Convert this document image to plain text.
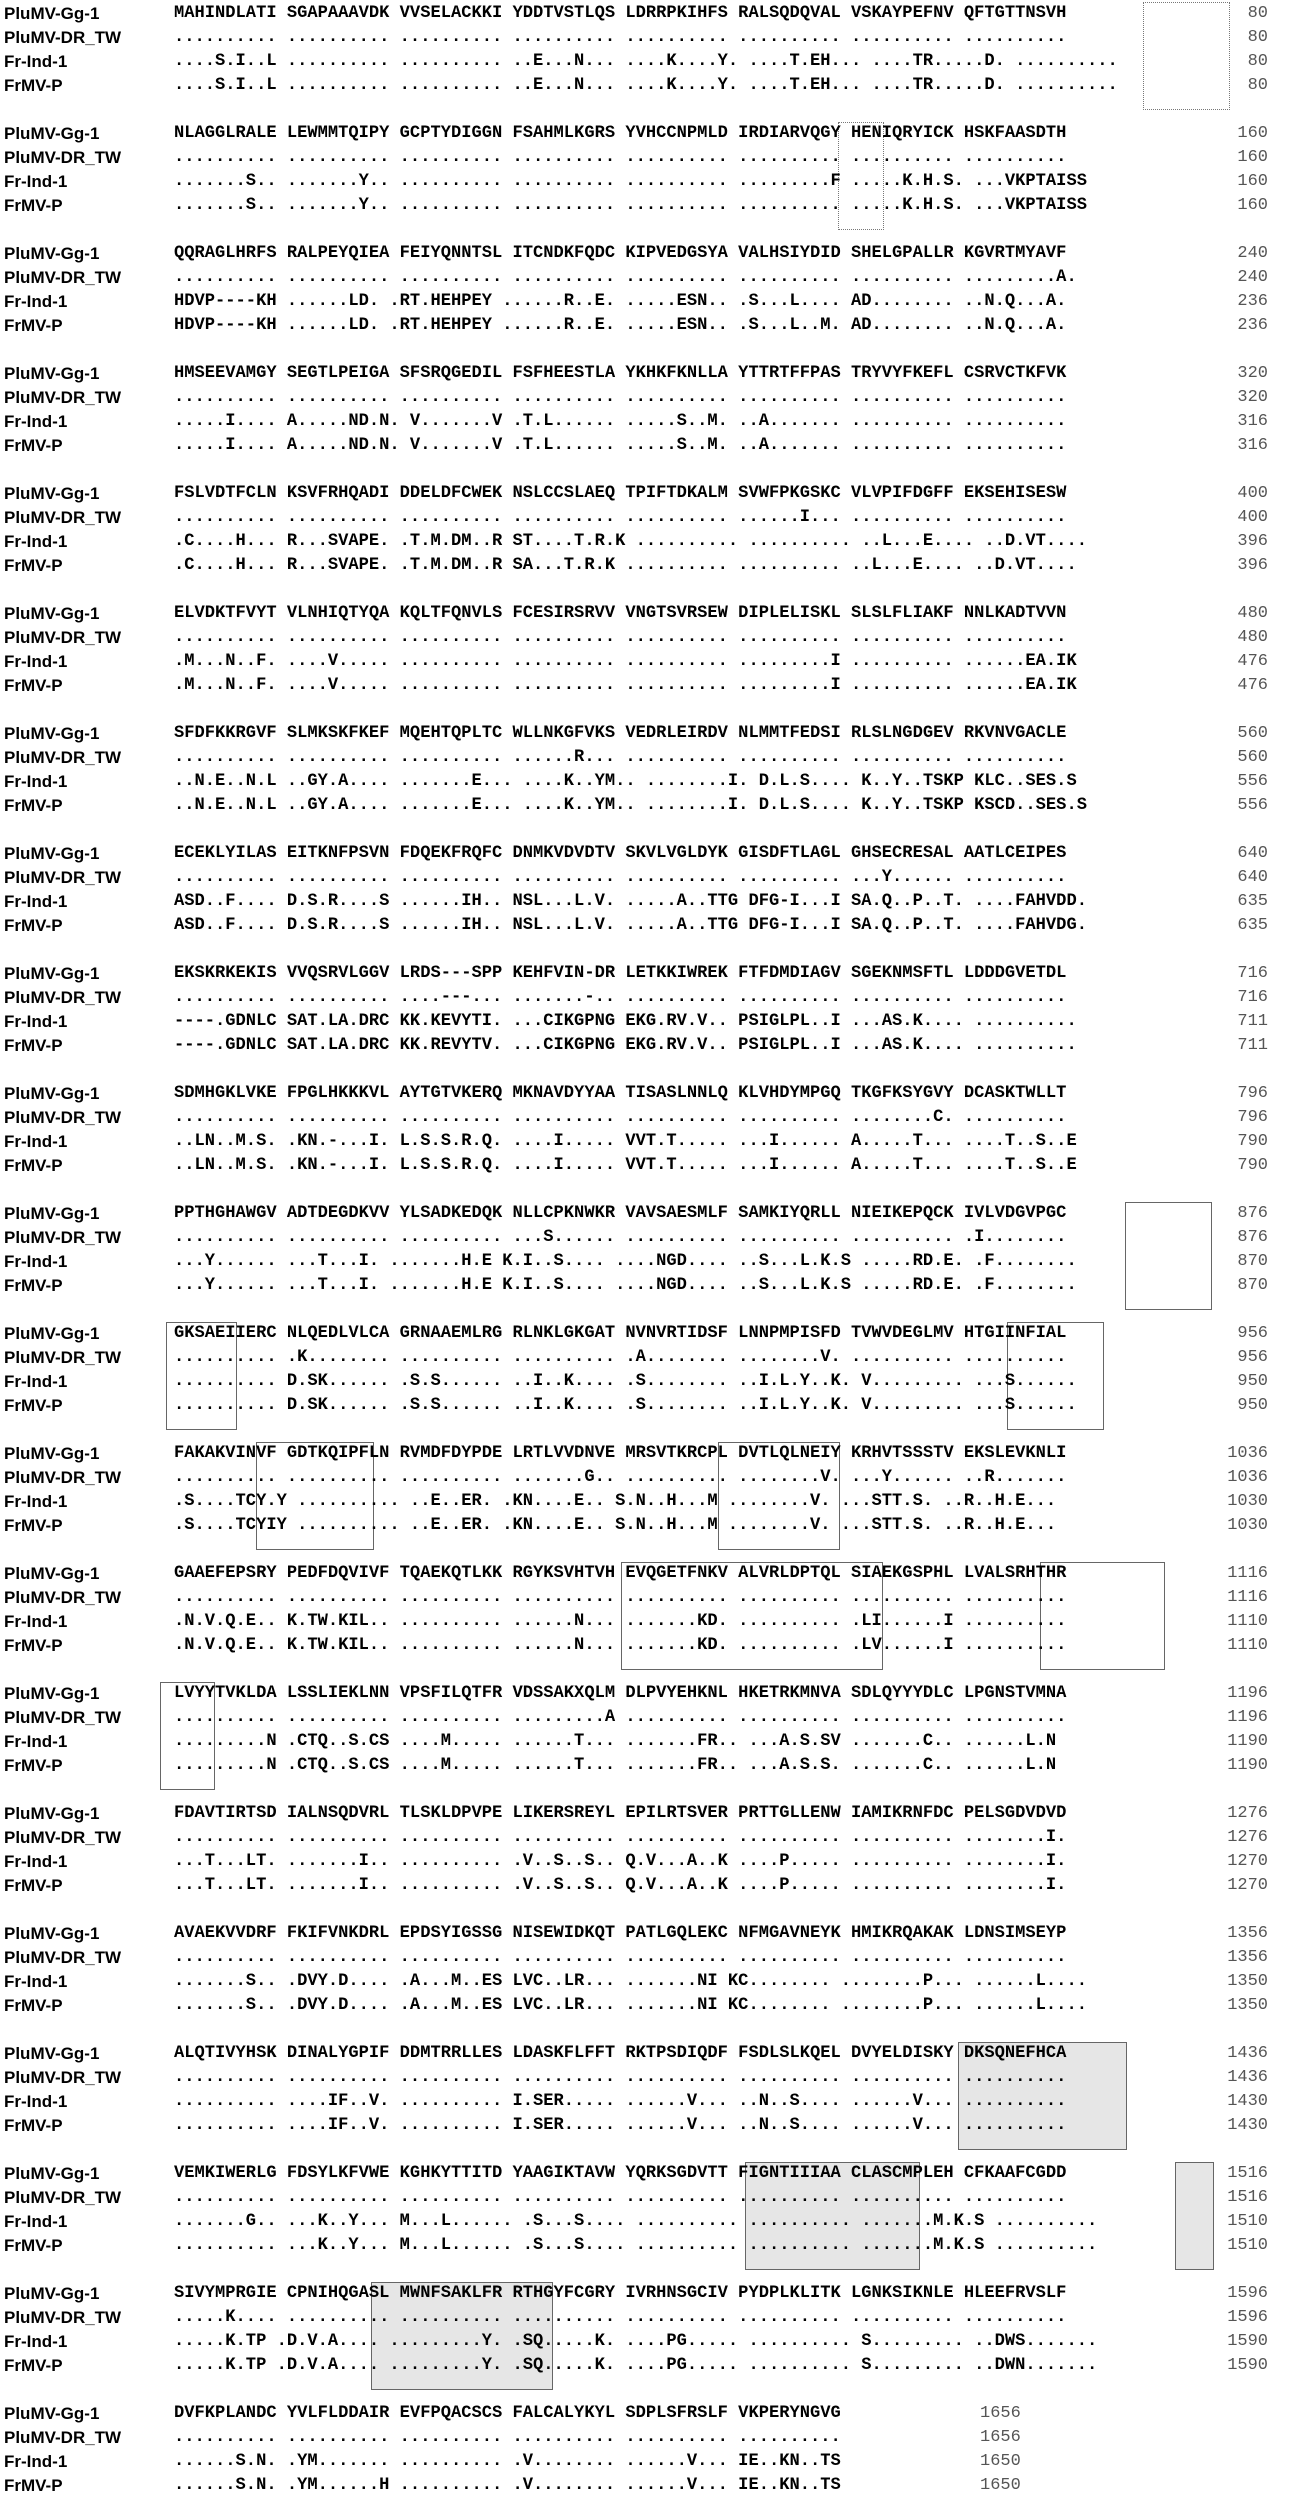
PluMV-Gg-1	MAHINDLATI SGAPAAAVDK VVSELACKKI YDDTVSTLQS LDRRPKIHFS RALSQDQVAL VSKAYPEFNV QFTGTTNSVH	80
PluMV-DR_TW	.......... .......... .......... .......... .......... .......... .......... ..........	80
Fr-Ind-1	....S.I..L .......... .......... ..E...N... ....K....Y. ....T.EH... ....TR.....D. ..........	80
FrMV-P	....S.I..L .......... .......... ..E...N... ....K....Y. ....T.EH... ....TR.....D. ..........	80
PluMV-Gg-1	NLAGGLRALE LEWMMTQIPY GCPTYDIGGN FSAHMLKGRS YVHCCNPMLD IRDIARVQGY HENIQRYICK HSKFAASDTH	160
PluMV-DR_TW	.......... .......... .......... .......... .......... .......... .......... ..........	160
Fr-Ind-1	.......S.. .......Y.. .......... .......... .......... .........F .....K.H.S. ...VKPTAISS	160
FrMV-P	.......S.. .......Y.. .......... .......... .......... .......... .....K.H.S. ...VKPTAISS	160
PluMV-Gg-1	QQRAGLHRFS RALPEYQIEA FEIYQNNTSL ITCNDKFQDC KIPVEDGSYA VALHSIYDID SHELGPALLR KGVRTMYAVF	240
PluMV-DR_TW	.......... .......... .......... .......... .......... .......... .......... .........A.	240
Fr-Ind-1	HDVP----KH ......LD. .RT.HEHPEY ......R..E. .....ESN.. .S...L.... AD........ ..N.Q...A.	236
FrMV-P	HDVP----KH ......LD. .RT.HEHPEY ......R..E. .....ESN.. .S...L..M. AD........ ..N.Q...A.	236
PluMV-Gg-1	HMSEEVAMGY SEGTLPEIGA SFSRQGEDIL FSFHEESTLA YKHKFKNLLA YTTRTFFPAS TRYVYFKEFL CSRVCTKFVK	320
PluMV-DR_TW	.......... .......... .......... .......... .......... .......... .......... ..........	320
Fr-Ind-1	.....I.... A.....ND.N. V.......V .T.L...... .....S..M. ..A....... .......... ..........	316
FrMV-P	.....I.... A.....ND.N. V.......V .T.L...... .....S..M. ..A....... .......... ..........	316
PluMV-Gg-1	FSLVDTFCLN KSVFRHQADI DDELDFCWEK NSLCCSLAEQ TPIFTDKALM SVWFPKGSKC VLVPIFDGFF EKSEHISESW	400
PluMV-DR_TW	.......... .......... .......... .......... .......... ......I... .......... ..........	400
Fr-Ind-1	.C....H... R...SVAPE. .T.M.DM..R ST....T.R.K .......... .......... ..L...E.... ..D.VT....	396
FrMV-P	.C....H... R...SVAPE. .T.M.DM..R SA...T.R.K .......... .......... ..L...E.... ..D.VT....	396
PluMV-Gg-1	ELVDKTFVYT VLNHIQTYQA KQLTFQNVLS FCESIRSRVV VNGTSVRSEW DIPLELISKL SLSLFLIAKF NNLKADTVVN	480
PluMV-DR_TW	.......... .......... .......... .......... .......... .......... .......... ..........	480
Fr-Ind-1	.M...N..F. ....V..... .......... .......... .......... .........I .......... ......EA.IK	476
FrMV-P	.M...N..F. ....V..... .......... .......... .......... .........I .......... ......EA.IK	476
PluMV-Gg-1	SFDFKKRGVF SLMKSKFKEF MQEHTQPLTC WLLNKGFVKS VEDRLEIRDV NLMMTFEDSI RLSLNGDGEV RKVNVGACLE	560
PluMV-DR_TW	.......... .......... .......... ......R... .......... .......... .......... ..........	560
Fr-Ind-1	..N.E..N.L ..GY.A.... .......E... ....K..YM.. ........I. D.L.S.... K..Y..TSKP KLC..SES.S	556
FrMV-P	..N.E..N.L ..GY.A.... .......E... ....K..YM.. ........I. D.L.S.... K..Y..TSKP KSCD..SES.S	556
PluMV-Gg-1	ECEKLYILAS EITKNFPSVN FDQEKFRQFC DNMKVDVDTV SKVLVGLDYK GISDFTLAGL GHSECRESAL AATLCEIPES	640
PluMV-DR_TW	.......... .......... .......... .......... .......... .......... ...Y...... ..........	640
Fr-Ind-1	ASD..F.... D.S.R....S ......IH.. NSL...L.V. .....A..TTG DFG-I...I SA.Q..P..T. ....FAHVDD.	635
FrMV-P	ASD..F.... D.S.R....S ......IH.. NSL...L.V. .....A..TTG DFG-I...I SA.Q..P..T. ....FAHVDG.	635
PluMV-Gg-1	EKSKRKEKIS VVQSRVLGGV LRDS---SPP KEHFVIN-DR LETKKIWREK FTFDMDIAGV SGEKNMSFTL LDDDGVETDL	716
PluMV-DR_TW	.......... .......... ....---... .......-.. .......... .......... .......... ..........	716
Fr-Ind-1	----.GDNLC SAT.LA.DRC KK.KEVYTI. ...CIKGPNG EKG.RV.V.. PSIGLPL..I ...AS.K.... ..........	711
FrMV-P	----.GDNLC SAT.LA.DRC KK.REVYTV. ...CIKGPNG EKG.RV.V.. PSIGLPL..I ...AS.K.... ..........	711
PluMV-Gg-1	SDMHGKLVKE FPGLHKKKVL AYTGTVKERQ MKNAVDYYAA TISASLNNLQ KLVHDYMPGQ TKGFKSYGVY DCASKTWLLT	796
PluMV-DR_TW	.......... .......... .......... .......... .......... .......... ........C. ..........	796
Fr-Ind-1	..LN..M.S. .KN.-...I. L.S.S.R.Q. ....I..... VVT.T..... ...I...... A.....T... ....T..S..E	790
FrMV-P	..LN..M.S. .KN.-...I. L.S.S.R.Q. ....I..... VVT.T..... ...I...... A.....T... ....T..S..E	790
PluMV-Gg-1	PPTHGHAWGV ADTDEGDKVV YLSADKEDQK NLLCPKNWKR VAVSAESMLF SAMKIYQRLL NIEIKEPQCK IVLVDGVPGC	876
PluMV-DR_TW	.......... .......... .......... ...S...... .......... .......... .......... .I........	876
Fr-Ind-1	...Y...... ...T...I. .......H.E K.I..S.... ....NGD.... ..S...L.K.S .....RD.E. .F........	870
FrMV-P	...Y...... ...T...I. .......H.E K.I..S.... ....NGD.... ..S...L.K.S .....RD.E. .F........	870
PluMV-Gg-1	GKSAEIIERC NLQEDLVLCA GRNAAEMLRG RLNKLGKGAT NVNVRTIDSF LNNPMPISFD TVWVDEGLMV HTGIINFIAL	956
PluMV-DR_TW	.......... .K........ .......... .......... .A........ ........V. .......... ..........	956
Fr-Ind-1	.......... D.SK...... .S.S...... ..I..K.... .S........ ..I.L.Y..K. V......... ...S......	950
FrMV-P	.......... D.SK...... .S.S...... ..I..K.... .S........ ..I.L.Y..K. V......... ...S......	950
PluMV-Gg-1	FAKAKVINVF GDTKQIPFLN RVMDFDYPDE LRTLVVDNVE MRSVTKRCPL DVTLQLNEIY KRHVTSSSTV EKSLEVKNLI	1036
PluMV-DR_TW	.......... .......... .......... .......G.. .......... ........V. ...Y...... ..R.......	1036
Fr-Ind-1	.S....TCY.Y .......... ..E..ER. .KN....E.. S.N..H...M ........V. ...STT.S. ..R..H.E...	1030
FrMV-P	.S....TCYIY .......... ..E..ER. .KN....E.. S.N..H...M ........V. ...STT.S. ..R..H.E...	1030
PluMV-Gg-1	GAAEFEPSRY PEDFDQVIVF TQAEKQTLKK RGYKSVHTVH EVQGETFNKV ALVRLDPTQL SIAEKGSPHL LVALSRHTHR	1116
PluMV-DR_TW	.......... .......... .......... .......... .......... .......... .......... ..........	1116
Fr-Ind-1	.N.V.Q.E.. K.TW.KIL.. .......... ......N... .......KD. .......... .LI......I ..........	1110
FrMV-P	.N.V.Q.E.. K.TW.KIL.. .......... ......N... .......KD. .......... .LV......I ..........	1110
PluMV-Gg-1	LVYYTVKLDA LSSLIEKLNN VPSFILQTFR VDSSAKXQLM DLPVYEHKNL HKETRKMNVA SDLQYYYDLC LPGNSTVMNA	1196
PluMV-DR_TW	.......... .......... .......... .........A .......... .......... .......... ..........	1196
Fr-Ind-1	.........N .CTQ..S.CS ....M..... ......T... .......FR.. ...A.S.SV .......C.. ......L.N	1190
FrMV-P	.........N .CTQ..S.CS ....M..... ......T... .......FR.. ...A.S.S. .......C.. ......L.N	1190
PluMV-Gg-1	FDAVTIRTSD IALNSQDVRL TLSKLDPVPE LIKERSREYL EPILRTSVER PRTTGLLENW IAMIKRNFDC PELSGDVDVD	1276
PluMV-DR_TW	.......... .......... .......... .......... .......... .......... .......... ........I.	1276
Fr-Ind-1	...T...LT. .......I.. .......... .V..S..S.. Q.V...A..K ....P..... .......... ........I.	1270
FrMV-P	...T...LT. .......I.. .......... .V..S..S.. Q.V...A..K ....P..... .......... ........I.	1270
PluMV-Gg-1	AVAEKVVDRF FKIFVNKDRL EPDSYIGSSG NISEWIDKQT PATLGQLEKC NFMGAVNEYK HMIKRQAKAK LDNSIMSEYP	1356
PluMV-DR_TW	.......... .......... .......... .......... .......... .......... .......... ..........	1356
Fr-Ind-1	.......S.. .DVY.D.... .A...M..ES LVC..LR... .......NI KC........ ........P... ......L....	1350
FrMV-P	.......S.. .DVY.D.... .A...M..ES LVC..LR... .......NI KC........ ........P... ......L....	1350
PluMV-Gg-1	ALQTIVYHSK DINALYGPIF DDMTRRLLES LDASKFLFFT RKTPSDIQDF FSDLSLKQEL DVYELDISKY DKSQNEFHCA	1436
PluMV-DR_TW	.......... .......... .......... .......... .......... .......... .......... ..........	1436
Fr-Ind-1	.......... ....IF..V. .......... I.SER..... ......V... ..N..S.... ......V... ..........	1430
FrMV-P	.......... ....IF..V. .......... I.SER..... ......V... ..N..S.... ......V... ..........	1430
PluMV-Gg-1	VEMKIWERLG FDSYLKFVWE KGHKYTTITD YAAGIKTAVW YQRKSGDVTT FIGNTIIIAA CLASCMPLEH CFKAAFCGDD	1516
PluMV-DR_TW	.......... .......... .......... .......... .......... .......... .......... ..........	1516
Fr-Ind-1	.......G.. ...K..Y... M...L...... .S...S.... .......... .......... .......M.K.S ..........	1510
FrMV-P	.......... ...K..Y... M...L...... .S...S.... .......... .......... .......M.K.S ..........	1510
PluMV-Gg-1	SIVYMPRGIE CPNIHQGASL MWNFSAKLFR RTHGYFCGRY IVRHNSGCIV PYDPLKLITK LGNKSIKNLE HLEEFRVSLF	1596
PluMV-DR_TW	.....K.... .......... .......... .......... .......... .......... .......... ..........	1596
Fr-Ind-1	.....K.TP .D.V.A.... .........Y. .SQ.....K. ....PG..... .......... S......... ..DWS.......	1590
FrMV-P	.....K.TP .D.V.A.... .........Y. .SQ.....K. ....PG..... .......... S......... ..DWN.......	1590
PluMV-Gg-1	DVFKPLANDC YVLFLDDAIR EVFPQACSCS FALCALYKYL SDPLSFRSLF VKPERYNGVG	1656
PluMV-DR_TW	.......... .......... .......... .......... .......... ..........	1656
Fr-Ind-1	......S.N. .YM....... .......... .V........ ......V... IE..KN..TS	1650
FrMV-P	......S.N. .YM......H .......... .V........ ......V... IE..KN..TS	1650
